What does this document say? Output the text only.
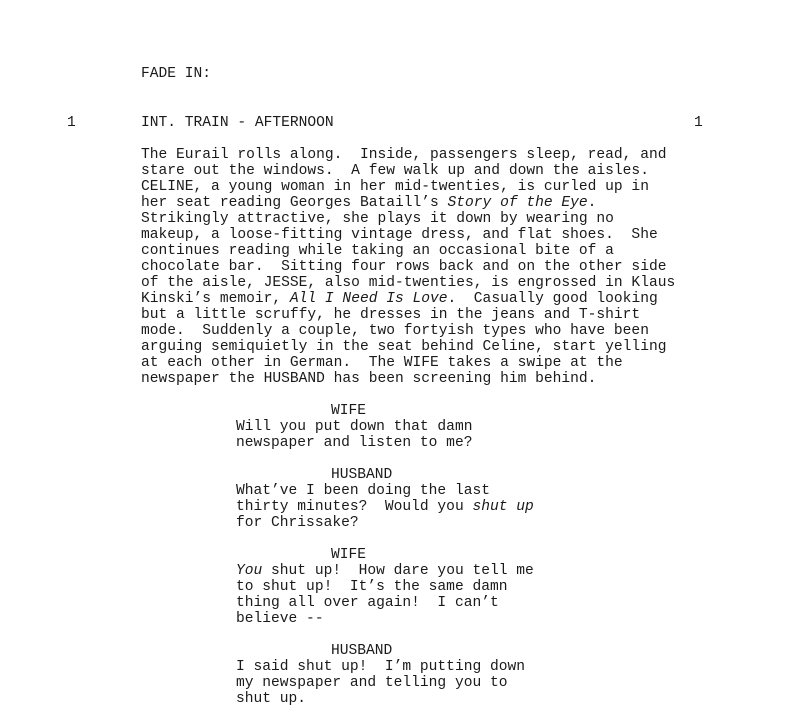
FADE IN:
1	INT. TRAIN - AFTERNOON	1
The Eurail rolls along.  Inside, passengers sleep, read, and
stare out the windows.  A few walk up and down the aisles.
CELINE, a young woman in her mid-twenties, is curled up in
her seat reading Georges Bataill’s Story of the Eye.
Strikingly attractive, she plays it down by wearing no
makeup, a loose-fitting vintage dress, and flat shoes.  She
continues reading while taking an occasional bite of a
chocolate bar.  Sitting four rows back and on the other side
of the aisle, JESSE, also mid-twenties, is engrossed in Klaus
Kinski’s memoir, All I Need Is Love.  Casually good looking
but a little scruffy, he dresses in the jeans and T-shirt
mode.  Suddenly a couple, two fortyish types who have been
arguing semiquietly in the seat behind Celine, start yelling
at each other in German.  The WIFE takes a swipe at the
newspaper the HUSBAND has been screening him behind.
WIFE
Will you put down that damn
newspaper and listen to me?
HUSBAND
What’ve I been doing the last
thirty minutes?  Would you shut up
for Chrissake?
WIFE
You shut up!  How dare you tell me
to shut up!  It’s the same damn
thing all over again!  I can’t
believe --
HUSBAND
I said shut up!  I’m putting down
my newspaper and telling you to
shut up.
